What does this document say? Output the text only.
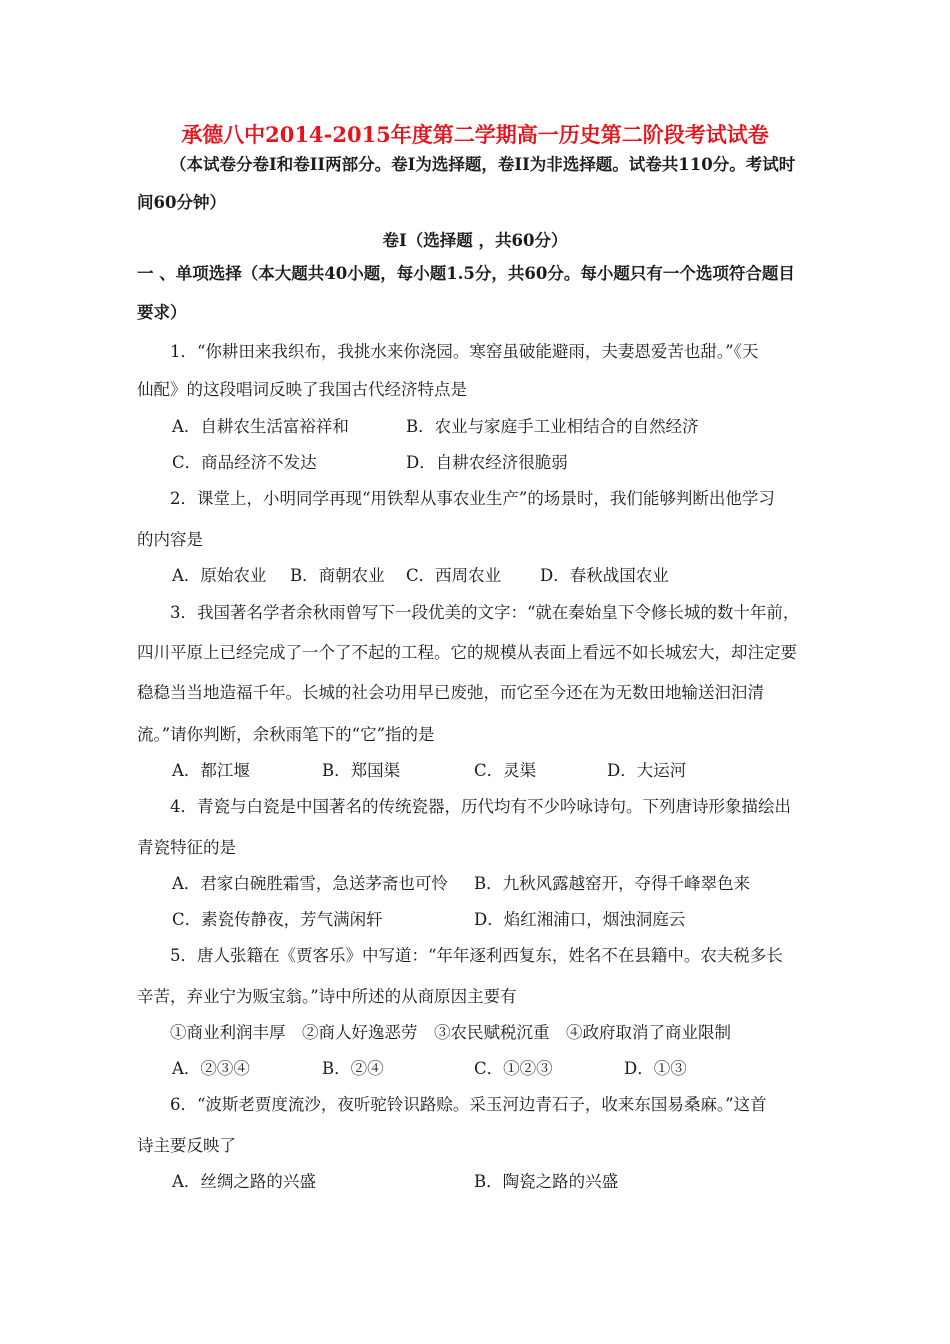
承德八中2014-2015年度第二学期高一历史第二阶段考试试卷
（本试卷分卷I和卷II两部分。卷I为选择题，卷II为非选择题。试卷共110分。考试时
间60分钟）
卷I（选择题 ，共60分）
一 、单项选择（本大题共40小题，每小题1.5分，共60分。每小题只有一个选项符合题目
要求）
1．“你耕田来我织布，我挑水来你浇园。寒窑虽破能避雨，夫妻恩爱苦也甜。”《天
仙配》的这段唱词反映了我国古代经济特点是
A．自耕农生活富裕祥和	B．农业与家庭手工业相结合的自然经济
C．商品经济不发达	D．自耕农经济很脆弱
2．课堂上，小明同学再现“用铁犁从事农业生产”的场景时，我们能够判断出他学习
的内容是
A．原始农业 B．商朝农业 C．西周农业 D．春秋战国农业
3．我国著名学者余秋雨曾写下一段优美的文字：“就在秦始皇下令修长城的数十年前，
四川平原上已经完成了一个了不起的工程。它的规模从表面上看远不如长城宏大，却注定要
稳稳当当地造福千年。长城的社会功用早已废弛，而它至今还在为无数田地输送汩汩清
流。”请你判断，余秋雨笔下的“它”指的是
A．都江堰	B．郑国渠	C．灵渠	D．大运河
4．青瓷与白瓷是中国著名的传统瓷器，历代均有不少吟咏诗句。下列唐诗形象描绘出
青瓷特征的是
A．君家白碗胜霜雪，急送茅斋也可怜 B．九秋风露越窑开，夺得千峰翠色来
C．素瓷传静夜，芳气满闲轩	D．焰红湘浦口，烟浊洞庭云
5．唐人张籍在《贾客乐》中写道：“年年逐利西复东，姓名不在县籍中。农夫税多长
辛苦，弃业宁为贩宝翁。”诗中所述的从商原因主要有
①商业利润丰厚　②商人好逸恶劳　③农民赋税沉重　④政府取消了商业限制
A．②③④	B．②④	C．①②③	D．①③
6．“波斯老贾度流沙，夜听驼铃识路赊。采玉河边青石子，收来东国易桑麻。”这首
诗主要反映了
A．丝绸之路的兴盛	B．陶瓷之路的兴盛
